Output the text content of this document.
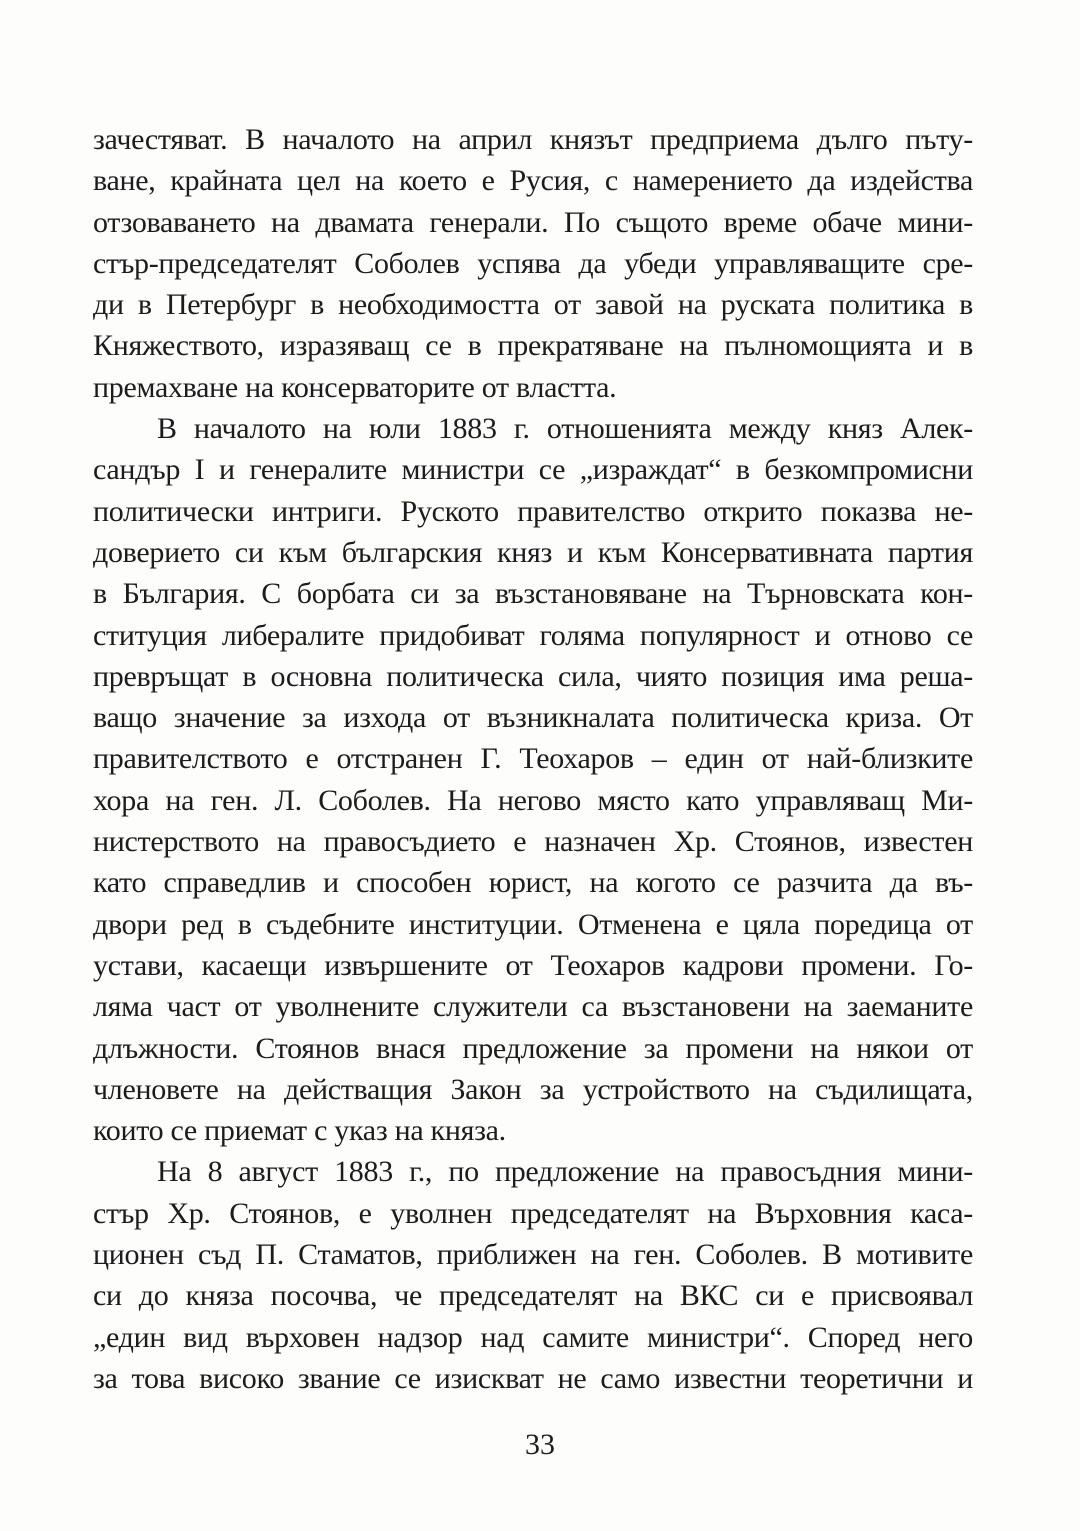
зачестяват. В началото на април князът предприема дълго пъту-
ване, крайната цел на което е Русия, с намерението да издейства
отзоваването на двамата генерали. По същото време обаче мини-
стър-председателят Соболев успява да убеди управляващите сре-
ди в Петербург в необходимостта от завой на руската политика в
Княжеството, изразяващ се в прекратяване на пълномощията и в
премахване на консерваторите от властта.
В началото на юли 1883 г. отношенията между княз Алек-
сандър I и генералите министри се „израждат“ в безкомпромисни
политически интриги. Руското правителство открито показва не-
доверието си към българския княз и към Консервативната партия
в България. С борбата си за възстановяване на Търновската кон-
ституция либералите придобиват голяма популярност и отново се
превръщат в основна политическа сила, чиято позиция има реша-
ващо значение за изхода от възникналата политическа криза. От
правителството е отстранен Г. Теохаров – един от най-близките
хора на ген. Л. Соболев. На негово място като управляващ Ми-
нистерството на правосъдието е назначен Хр. Стоянов, известен
като справедлив и способен юрист, на когото се разчита да въ-
двори ред в съдебните институции. Отменена е цяла поредица от
устави, касаещи извършените от Теохаров кадрови промени. Го-
ляма част от уволнените служители са възстановени на заеманите
длъжности. Стоянов внася предложение за промени на някои от
членовете на действащия Закон за устройството на съдилищата,
които се приемат с указ на княза.
На 8 август 1883 г., по предложение на правосъдния мини-
стър Хр. Стоянов, е уволнен председателят на Върховния каса-
ционен съд П. Стаматов, приближен на ген. Соболев. В мотивите
си до княза посочва, че председателят на ВКС си е присвоявал
„един вид върховен надзор над самите министри“. Според него
за това високо звание се изискват не само известни теоретични и
33
